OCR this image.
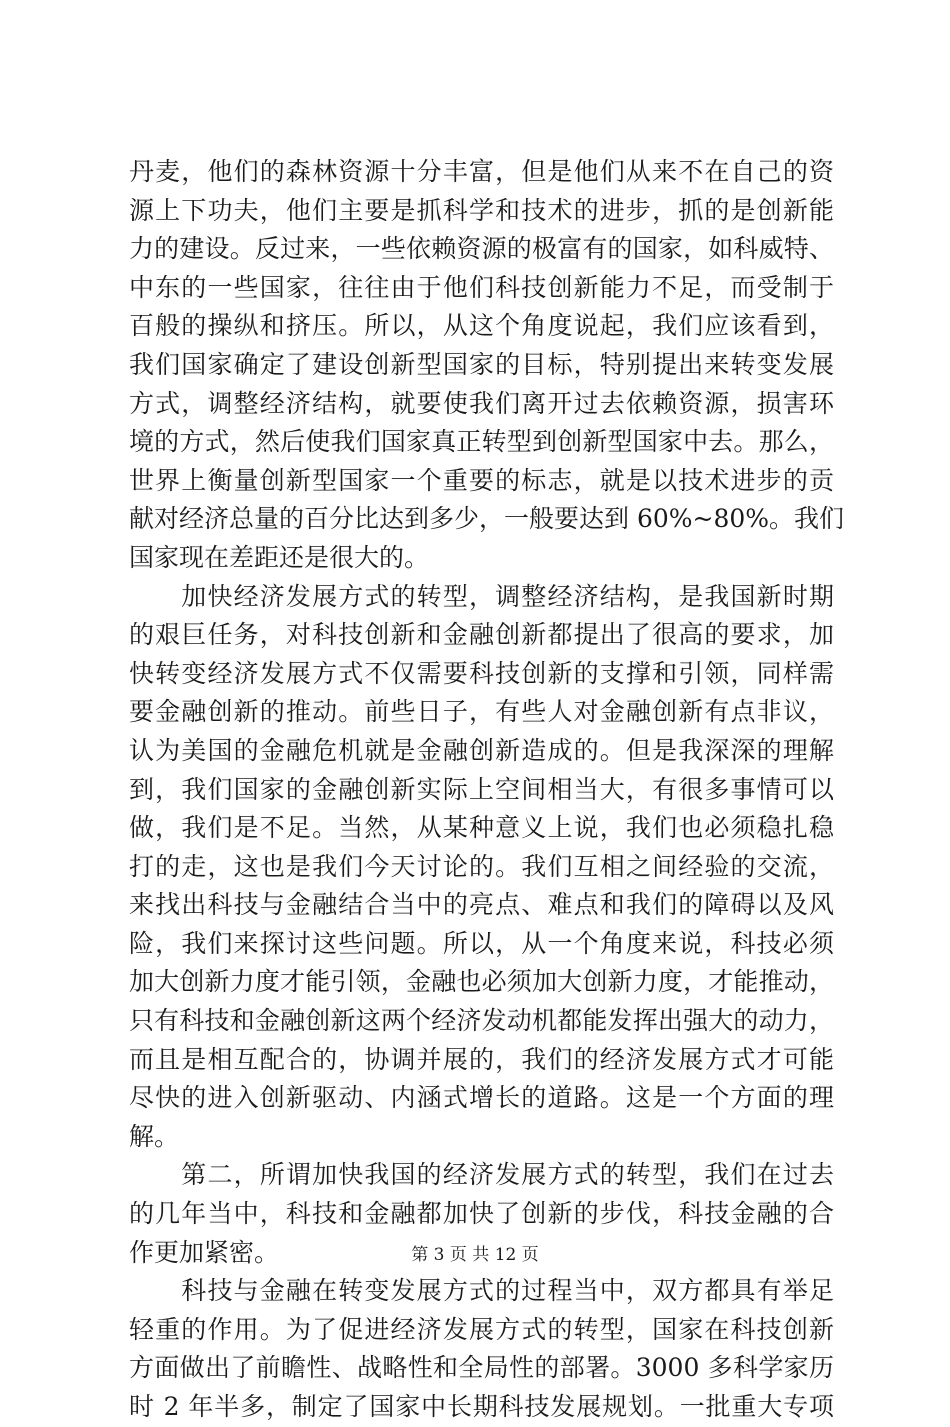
丹麦，他们的森林资源十分丰富，但是他们从来不在自己的资
源上下功夫，他们主要是抓科学和技术的进步，抓的是创新能
力的建设。反过来，一些依赖资源的极富有的国家，如科威特、
中东的一些国家，往往由于他们科技创新能力不足，而受制于
百般的操纵和挤压。所以，从这个角度说起，我们应该看到，
我们国家确定了建设创新型国家的目标，特别提出来转变发展
方式，调整经济结构，就要使我们离开过去依赖资源，损害环
境的方式，然后使我们国家真正转型到创新型国家中去。那么，
世界上衡量创新型国家一个重要的标志，就是以技术进步的贡
献对经济总量的百分比达到多少，一般要达到 60%~80%。我们
国家现在差距还是很大的。
　　加快经济发展方式的转型，调整经济结构，是我国新时期
的艰巨任务，对科技创新和金融创新都提出了很高的要求，加
快转变经济发展方式不仅需要科技创新的支撑和引领，同样需
要金融创新的推动。前些日子，有些人对金融创新有点非议，
认为美国的金融危机就是金融创新造成的。但是我深深的理解
到，我们国家的金融创新实际上空间相当大，有很多事情可以
做，我们是不足。当然，从某种意义上说，我们也必须稳扎稳
打的走，这也是我们今天讨论的。我们互相之间经验的交流，
来找出科技与金融结合当中的亮点、难点和我们的障碍以及风
险，我们来探讨这些问题。所以，从一个角度来说，科技必须
加大创新力度才能引领，金融也必须加大创新力度，才能推动，
只有科技和金融创新这两个经济发动机都能发挥出强大的动力，
而且是相互配合的，协调并展的，我们的经济发展方式才可能
尽快的进入创新驱动、内涵式增长的道路。这是一个方面的理
解。
　　第二，所谓加快我国的经济发展方式的转型，我们在过去
的几年当中，科技和金融都加快了创新的步伐，科技金融的合
作更加紧密。
　　科技与金融在转变发展方式的过程当中，双方都具有举足
轻重的作用。为了促进经济发展方式的转型，国家在科技创新
方面做出了前瞻性、战略性和全局性的部署。3000 多科学家历
时 2 年半多，制定了国家中长期科技发展规划。一批重大专项
第 3 页 共 12 页
